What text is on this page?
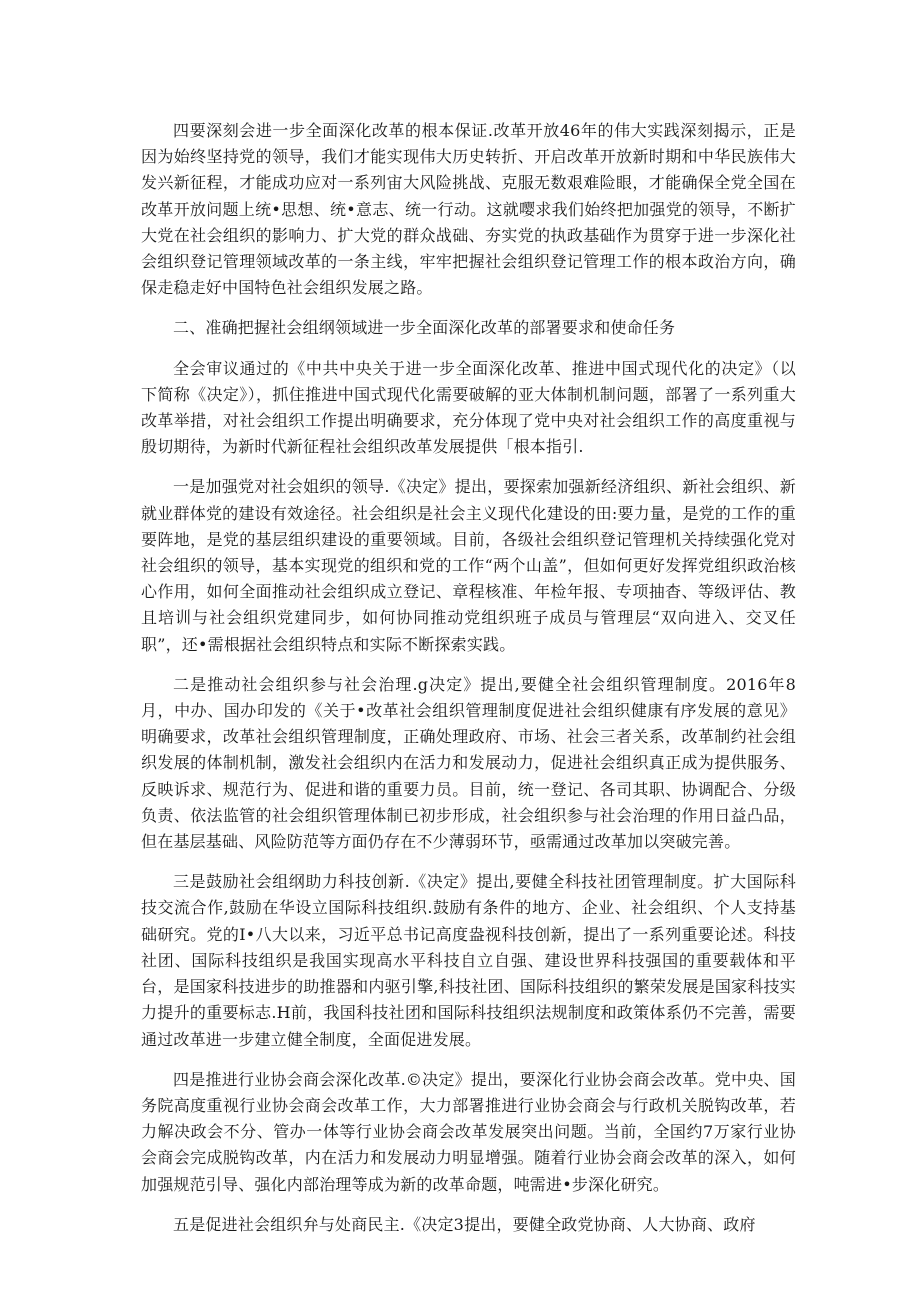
四要深刻会进一步全面深化改革的根本保证.改革开放46年的伟大实践深刻揭示，正是因为始终坚持党的领导，我们才能实现伟大历史转折、开启改革开放新时期和中华民族伟大发兴新征程，才能成功应对一系列宙大风险挑战、克服无数艰难险眼，才能确保全党全国在改革开放问题上统•思想、统•意志、统一行动。这就嘤求我们始终把加强党的领导，不断扩大党在社会组织的影响力、扩大党的群众战础、夯实党的执政基础作为贯穿于进一步深化社会组织登记管理领域改革的一条主线，牢牢把握社会组织登记管理工作的根本政治方向，确保走稳走好中国特色社会组织发展之路。

二、准确把握社会组纲领域进一步全面深化改革的部署要求和使命任务

全会审议通过的《中共中央关于进一步全面深化改革、推进中国式现代化的决定》（以下简称《决定》），抓住推进中国式现代化需要破解的亚大体制机制问题，部署了一系列重大改革举措，对社会组织工作提出明确要求，充分体现了党中央对社会组织工作的高度重视与殷切期待，为新时代新征程社会组织改革发展提供「根本指引.

一是加强党对社会姐织的领导.《决定》提出，要探索加强新经济组织、新社会组织、新就业群体党的建设有效途径。社会组织是社会主义现代化建设的田:要力量，是党的工作的重要阵地，是党的基层组织建设的重要领域。目前，各级社会组织登记管理机关持续强化党对社会组织的领导，基本实现党的组织和党的工作“两个山盖”，但如何更好发挥党组织政治核心作用，如何全面推动社会组织成立登记、章程核准、年检年报、专项抽杳、等级评估、教且培训与社会组织党建同步，如何协同推动党组织班子成员与管理层“双向进入、交叉任职”，还•需根据社会组织特点和实际不断探索实践。

二是推动社会组织参与社会治理.g决定》提出,要健全社会组织管理制度。2016年8月，中办、国办印发的《关于•改革社会组织管理制度促进社会组织健康有序发展的意见》明确要求，改革社会组织管理制度，正确处理政府、市场、社会三者关系，改革制约社会组织发展的体制机制，激发社会组织内在活力和发展动力，促进社会组织真正成为提供服务、反映诉求、规范行为、促进和谐的重要力员。目前，统一登记、各司其职、协调配合、分级负责、依法监管的社会组织管理体制已初步形成，社会组织参与社会治理的作用日益凸品，但在基层基础、风险防范等方面仍存在不少薄弱环节，亟需通过改革加以突破完善。

三是鼓励社会组纲助力科技创新.《决定》提出,要健全科技社团管理制度。扩大国际科技交流合作,鼓励在华设立国际科技组织.鼓励有条件的地方、企业、社会组织、个人支持基础研究。党的I•八大以来，习近平总书记高度盎视科技创新，提出了一系列重要论述。科技社团、国际科技组织是我国实现高水平科技自立自强、建设世界科技强国的重要载体和平台，是国家科技进步的助推器和内驱引擎,科技社团、国际科技组织的繁荣发展是国家科技实力提升的重要标志.H前，我国科技社团和国际科技组织法规制度和政策体系仍不完善，需要通过改革进一步建立健全制度，全面促进发展。

四是推进行业协会商会深化改革.©决定》提出，要深化行业协会商会改革。党中央、国务院高度重视行业协会商会改革工作，大力部署推进行业协会商会与行政机关脱钩改革，若力解决政会不分、管办一体等行业协会商会改革发展突出问题。当前，全国约7万家行业协会商会完成脱钩改革，内在活力和发展动力明显增强。随着行业协会商会改革的深入，如何加强规范引导、强化内部治理等成为新的改革命题，吨需进•步深化研究。

五是促进社会组织弁与处商民主.《决定3提出，要健全政党协商、人大协商、政府
